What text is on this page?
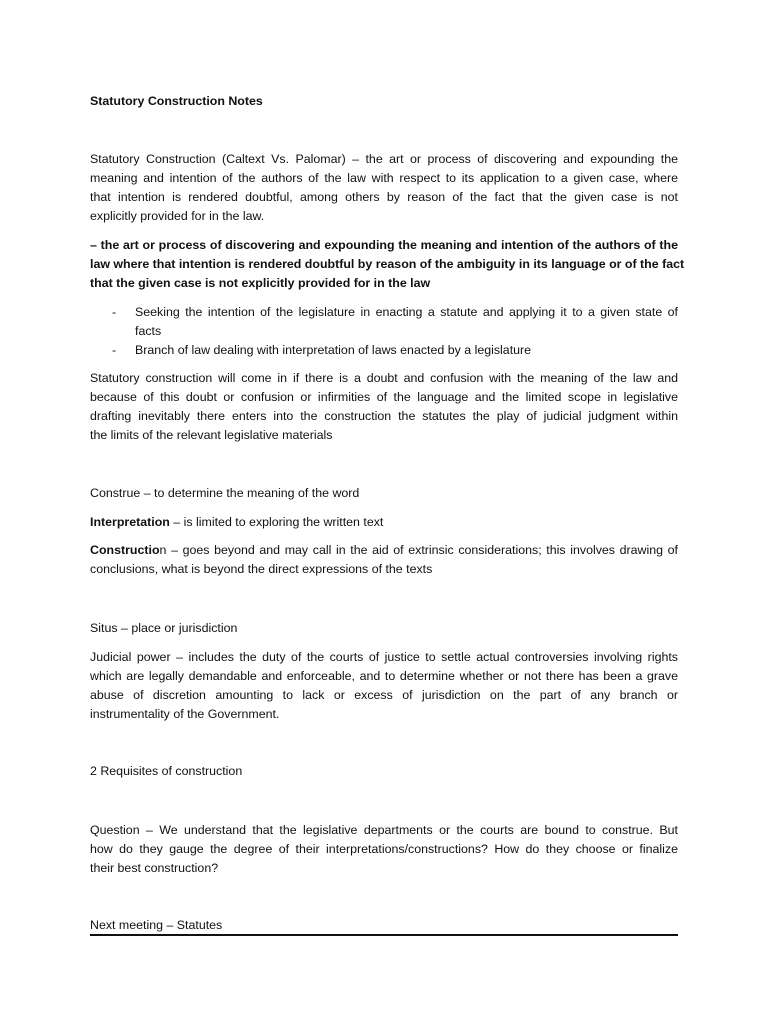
Statutory Construction Notes
Statutory Construction (Caltext Vs. Palomar) – the art or process of discovering and expounding the
meaning and intention of the authors of the law with respect to its application to a given case, where
that intention is rendered doubtful, among others by reason of the fact that the given case is not
explicitly provided for in the law.
– the art or process of discovering and expounding the meaning and intention of the authors of the
law where that intention is rendered doubtful by reason of the ambiguity in its language or of the fact
that the given case is not explicitly provided for in the law
- Seeking the intention of the legislature in enacting a statute and applying it to a given state of
facts
- Branch of law dealing with interpretation of laws enacted by a legislature
Statutory construction will come in if there is a doubt and confusion with the meaning of the law and
because of this doubt or confusion or infirmities of the language and the limited scope in legislative
drafting inevitably there enters into the construction the statutes the play of judicial judgment within
the limits of the relevant legislative materials
Construe – to determine the meaning of the word
Interpretation – is limited to exploring the written text
Construction – goes beyond and may call in the aid of extrinsic considerations; this involves drawing of
conclusions, what is beyond the direct expressions of the texts
Situs – place or jurisdiction
Judicial power – includes the duty of the courts of justice to settle actual controversies involving rights
which are legally demandable and enforceable, and to determine whether or not there has been a grave
abuse of discretion amounting to lack or excess of jurisdiction on the part of any branch or
instrumentality of the Government.
2 Requisites of construction
Question – We understand that the legislative departments or the courts are bound to construe. But
how do they gauge the degree of their interpretations/constructions? How do they choose or finalize
their best construction?
Next meeting – Statutes
